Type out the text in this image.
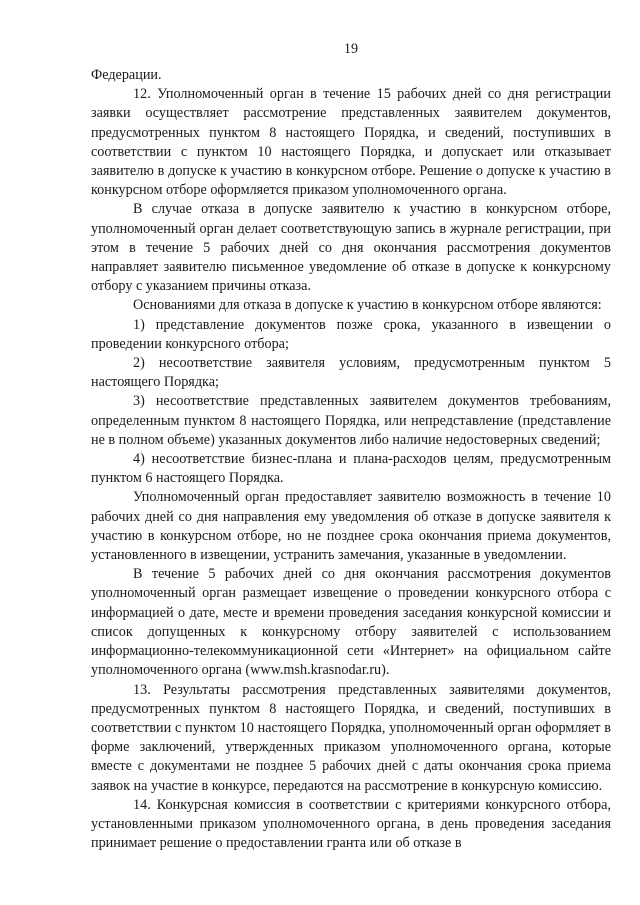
19

Федерации.

12. Уполномоченный орган в течение 15 рабочих дней со дня регистрации заявки осуществляет рассмотрение представленных заявителем документов, предусмотренных пунктом 8 настоящего Порядка, и сведений, поступивших в соответствии с пунктом 10 настоящего Порядка, и допускает или отказывает заявителю в допуске к участию в конкурсном отборе. Решение о допуске к участию в конкурсном отборе оформляется приказом уполномоченного органа.

В случае отказа в допуске заявителю к участию в конкурсном отборе, уполномоченный орган делает соответствующую запись в журнале регистрации, при этом в течение 5 рабочих дней со дня окончания рассмотрения документов направляет заявителю письменное уведомление об отказе в допуске к конкурсному отбору с указанием причины отказа.

Основаниями для отказа в допуске к участию в конкурсном отборе являются:

1) представление документов позже срока, указанного в извещении о проведении конкурсного отбора;

2) несоответствие заявителя условиям, предусмотренным пунктом 5 настоящего Порядка;

3) несоответствие представленных заявителем документов требованиям, определенным пунктом 8 настоящего Порядка, или непредставление (представление не в полном объеме) указанных документов либо наличие недостоверных сведений;

4) несоответствие бизнес-плана и плана-расходов целям, предусмотренным пунктом 6 настоящего Порядка.

Уполномоченный орган предоставляет заявителю возможность в течение 10 рабочих дней со дня направления ему уведомления об отказе в допуске заявителя к участию в конкурсном отборе, но не позднее срока окончания приема документов, установленного в извещении, устранить замечания, указанные в уведомлении.

В течение 5 рабочих дней со дня окончания рассмотрения документов уполномоченный орган размещает извещение о проведении конкурсного отбора с информацией о дате, месте и времени проведения заседания конкурсной комиссии и список допущенных к конкурсному отбору заявителей с использованием информационно-телекоммуникационной сети «Интернет» на официальном сайте уполномоченного органа (www.msh.krasnodar.ru).

13. Результаты рассмотрения представленных заявителями документов, предусмотренных пунктом 8 настоящего Порядка, и сведений, поступивших в соответствии с пунктом 10 настоящего Порядка, уполномоченный орган оформляет в форме заключений, утвержденных приказом уполномоченного органа, которые вместе с документами не позднее 5 рабочих дней с даты окончания срока приема заявок на участие в конкурсе, передаются на рассмотрение в конкурсную комиссию.

14. Конкурсная комиссия в соответствии с критериями конкурсного отбора, установленными приказом уполномоченного органа, в день проведения заседания принимает решение о предоставлении гранта или об отказе в
